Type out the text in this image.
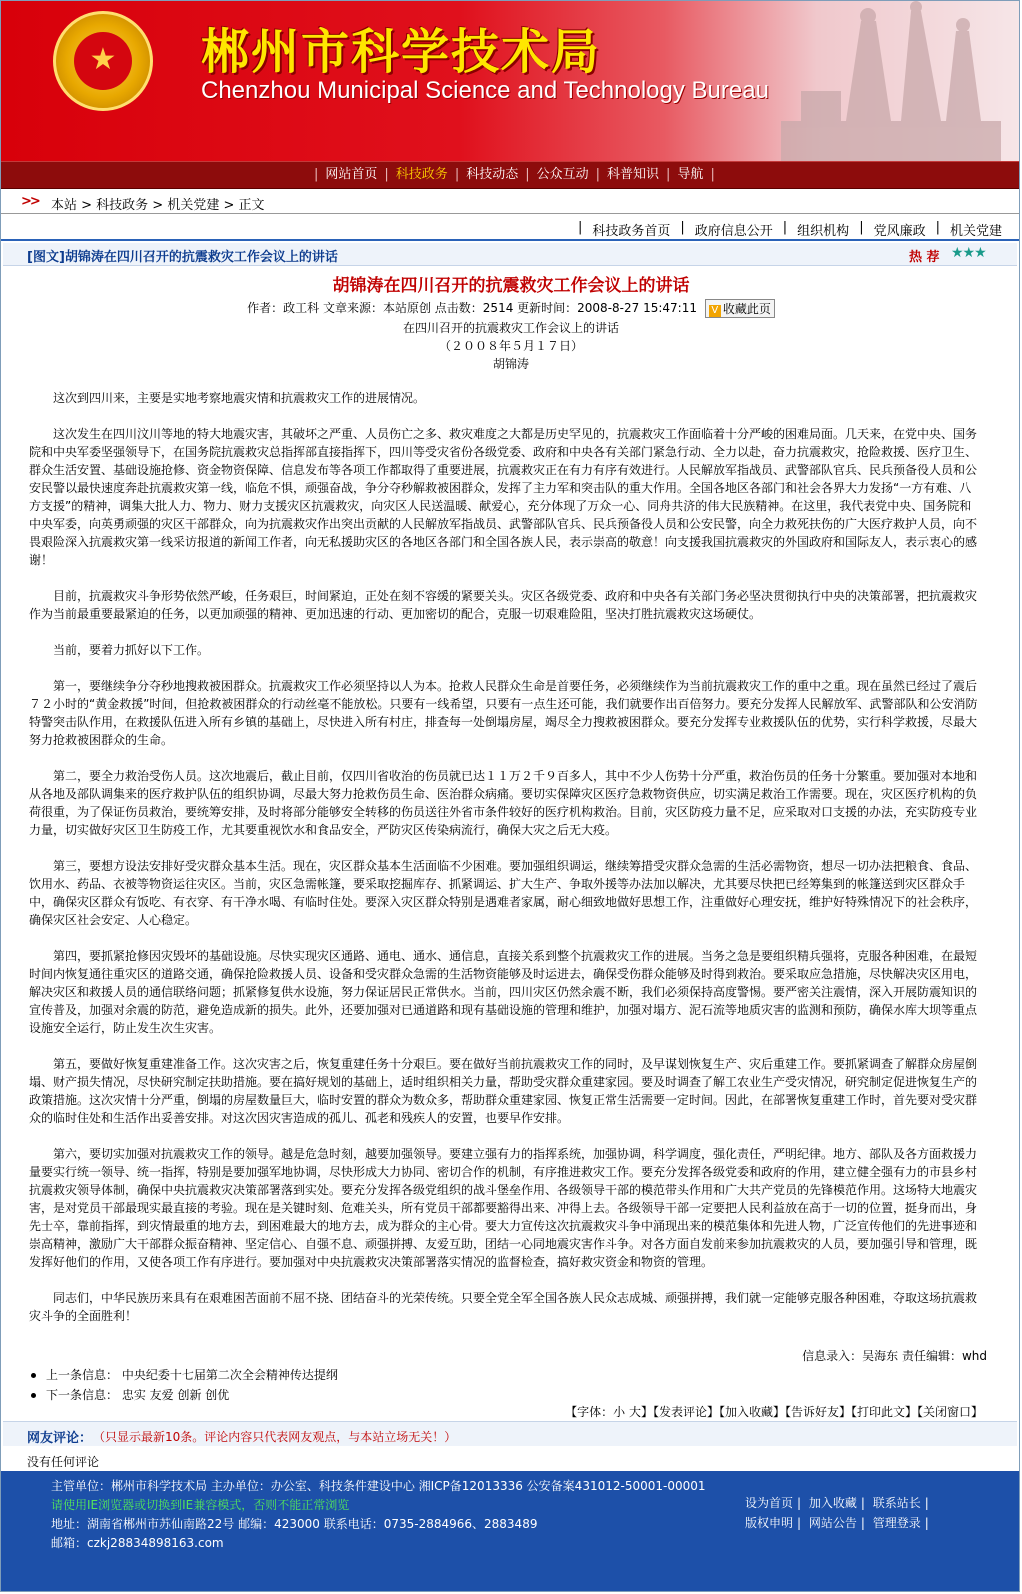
★	郴州市科学技术局
Chenzhou Municipal Science and Technology Bureau
| 网站首页 | 科技政务 | 科技动态 | 公众互动 | 科普知识 | 导航 |
>> 本站 > 科技政务 > 机关党建 > 正文
| 科技政务首页 | 政府信息公开 | 组织机构 | 党风廉政 | 机关党建
[图文]胡锦涛在四川召开的抗震救灾工作会议上的讲话	热 荐 ★★★
胡锦涛在四川召开的抗震救灾工作会议上的讲话
作者：政工科 文章来源：本站原创 点击数：2514 更新时间：2008-8-27 15:47:11 V 收藏此页
在四川召开的抗震救灾工作会议上的讲话
（２００８年５月１７日）
胡锦涛

这次到四川来，主要是实地考察地震灾情和抗震救灾工作的进展情况。

这次发生在四川汶川等地的特大地震灾害，其破坏之严重、人员伤亡之多、救灾难度之大都是历史罕见的，抗震救灾工作面临着十分严峻的困难局面。几天来，在党中央、国务院和中央军委坚强领导下，在国务院抗震救灾总指挥部直接指挥下，四川等受灾省份各级党委、政府和中央各有关部门紧急行动、全力以赴，奋力抗震救灾，抢险救援、医疗卫生、群众生活安置、基础设施抢修、资金物资保障、信息发布等各项工作都取得了重要进展，抗震救灾正在有力有序有效进行。人民解放军指战员、武警部队官兵、民兵预备役人员和公安民警以最快速度奔赴抗震救灾第一线，临危不惧，顽强奋战，争分夺秒解救被困群众，发挥了主力军和突击队的重大作用。全国各地区各部门和社会各界大力发扬“一方有难、八方支援”的精神，调集大批人力、物力、财力支援灾区抗震救灾，向灾区人民送温暖、献爱心，充分体现了万众一心、同舟共济的伟大民族精神。在这里，我代表党中央、国务院和中央军委，向英勇顽强的灾区干部群众，向为抗震救灾作出突出贡献的人民解放军指战员、武警部队官兵、民兵预备役人员和公安民警，向全力救死扶伤的广大医疗救护人员，向不畏艰险深入抗震救灾第一线采访报道的新闻工作者，向无私援助灾区的各地区各部门和全国各族人民，表示崇高的敬意！向支援我国抗震救灾的外国政府和国际友人，表示衷心的感谢！

目前，抗震救灾斗争形势依然严峻，任务艰巨，时间紧迫，正处在刻不容缓的紧要关头。灾区各级党委、政府和中央各有关部门务必坚决贯彻执行中央的决策部署，把抗震救灾作为当前最重要最紧迫的任务，以更加顽强的精神、更加迅速的行动、更加密切的配合，克服一切艰难险阻，坚决打胜抗震救灾这场硬仗。

当前，要着力抓好以下工作。

第一，要继续争分夺秒地搜救被困群众。抗震救灾工作必须坚持以人为本。抢救人民群众生命是首要任务，必须继续作为当前抗震救灾工作的重中之重。现在虽然已经过了震后７２小时的“黄金救援”时间，但抢救被困群众的行动丝毫不能放松。只要有一线希望，只要有一点生还可能，我们就要作出百倍努力。要充分发挥人民解放军、武警部队和公安消防特警突击队作用，在救援队伍进入所有乡镇的基础上，尽快进入所有村庄，排查每一处倒塌房屋，竭尽全力搜救被困群众。要充分发挥专业救援队伍的优势，实行科学救援，尽最大努力抢救被困群众的生命。

第二，要全力救治受伤人员。这次地震后，截止目前，仅四川省收治的伤员就已达１１万２千９百多人，其中不少人伤势十分严重，救治伤员的任务十分繁重。要加强对本地和从各地及部队调集来的医疗救护队伍的组织协调，尽最大努力抢救伤员生命、医治群众病痛。要切实保障灾区医疗急救物资供应，切实满足救治工作需要。现在，灾区医疗机构的负荷很重，为了保证伤员救治，要统筹安排，及时将部分能够安全转移的伤员送往外省市条件较好的医疗机构救治。目前，灾区防疫力量不足，应采取对口支援的办法，充实防疫专业力量，切实做好灾区卫生防疫工作，尤其要重视饮水和食品安全，严防灾区传染病流行，确保大灾之后无大疫。

第三，要想方设法安排好受灾群众基本生活。现在，灾区群众基本生活面临不少困难。要加强组织调运，继续筹措受灾群众急需的生活必需物资，想尽一切办法把粮食、食品、饮用水、药品、衣被等物资运往灾区。当前，灾区急需帐篷，要采取挖掘库存、抓紧调运、扩大生产、争取外援等办法加以解决，尤其要尽快把已经筹集到的帐篷送到灾区群众手中，确保灾区群众有饭吃、有衣穿、有干净水喝、有临时住处。要深入灾区群众特别是遇难者家属，耐心细致地做好思想工作，注重做好心理安抚，维护好特殊情况下的社会秩序，确保灾区社会安定、人心稳定。

第四，要抓紧抢修因灾毁坏的基础设施。尽快实现灾区通路、通电、通水、通信息，直接关系到整个抗震救灾工作的进展。当务之急是要组织精兵强将，克服各种困难，在最短时间内恢复通往重灾区的道路交通，确保抢险救援人员、设备和受灾群众急需的生活物资能够及时运进去，确保受伤群众能够及时得到救治。要采取应急措施，尽快解决灾区用电，解决灾区和救援人员的通信联络问题；抓紧修复供水设施，努力保证居民正常供水。当前，四川灾区仍然余震不断，我们必须保持高度警惕。要严密关注震情，深入开展防震知识的宣传普及，加强对余震的防范，避免造成新的损失。此外，还要加强对已通道路和现有基础设施的管理和维护，加强对塌方、泥石流等地质灾害的监测和预防，确保水库大坝等重点设施安全运行，防止发生次生灾害。

第五，要做好恢复重建准备工作。这次灾害之后，恢复重建任务十分艰巨。要在做好当前抗震救灾工作的同时，及早谋划恢复生产、灾后重建工作。要抓紧调查了解群众房屋倒塌、财产损失情况，尽快研究制定扶助措施。要在搞好规划的基础上，适时组织相关力量，帮助受灾群众重建家园。要及时调查了解工农业生产受灾情况，研究制定促进恢复生产的政策措施。这次灾情十分严重，倒塌的房屋数量巨大，临时安置的群众为数众多，帮助群众重建家园、恢复正常生活需要一定时间。因此，在部署恢复重建工作时，首先要对受灾群众的临时住处和生活作出妥善安排。对这次因灾害造成的孤儿、孤老和残疾人的安置，也要早作安排。

第六，要切实加强对抗震救灾工作的领导。越是危急时刻，越要加强领导。要建立强有力的指挥系统，加强协调，科学调度，强化责任，严明纪律。地方、部队及各方面救援力量要实行统一领导、统一指挥，特别是要加强军地协调，尽快形成大力协同、密切合作的机制，有序推进救灾工作。要充分发挥各级党委和政府的作用，建立健全强有力的市县乡村抗震救灾领导体制，确保中央抗震救灾决策部署落到实处。要充分发挥各级党组织的战斗堡垒作用、各级领导干部的模范带头作用和广大共产党员的先锋模范作用。这场特大地震灾害，是对党员干部最现实最直接的考验。现在是关键时刻、危难关头，所有党员干部都要豁得出来、冲得上去。各级领导干部一定要把人民利益放在高于一切的位置，挺身而出，身先士卒，靠前指挥，到灾情最重的地方去，到困难最大的地方去，成为群众的主心骨。要大力宣传这次抗震救灾斗争中涌现出来的模范集体和先进人物，广泛宣传他们的先进事迹和崇高精神，激励广大干部群众振奋精神、坚定信心、自强不息、顽强拼搏、友爱互助，团结一心同地震灾害作斗争。对各方面自发前来参加抗震救灾的人员，要加强引导和管理，既发挥好他们的作用，又使各项工作有序进行。要加强对中央抗震救灾决策部署落实情况的监督检查，搞好救灾资金和物资的管理。

同志们，中华民族历来具有在艰难困苦面前不屈不挠、团结奋斗的光荣传统。只要全党全军全国各族人民众志成城、顽强拼搏，我们就一定能够克服各种困难，夺取这场抗震救灾斗争的全面胜利！

信息录入：吴海东 责任编辑：whd
上一条信息： 中央纪委十七届第二次全会精神传达提纲
下一条信息： 忠实 友爱 创新 创优
【字体：小 大】【发表评论】【加入收藏】【告诉好友】【打印此文】【关闭窗口】
网友评论： （只显示最新10条。评论内容只代表网友观点，与本站立场无关！）
没有任何评论
主管单位：郴州市科学技术局 主办单位：办公室、科技条件建设中心 湘ICP备12013336 公安备案431012-50001-00001
请使用IE浏览器或切换到IE兼容模式，否则不能正常浏览
地址：湖南省郴州市苏仙南路22号 邮编：423000 联系电话：0735-2884966、2883489
邮箱：czkj28834898163.com
设为首页 | 加入收藏 | 联系站长 |
版权申明 | 网站公告 | 管理登录 |
